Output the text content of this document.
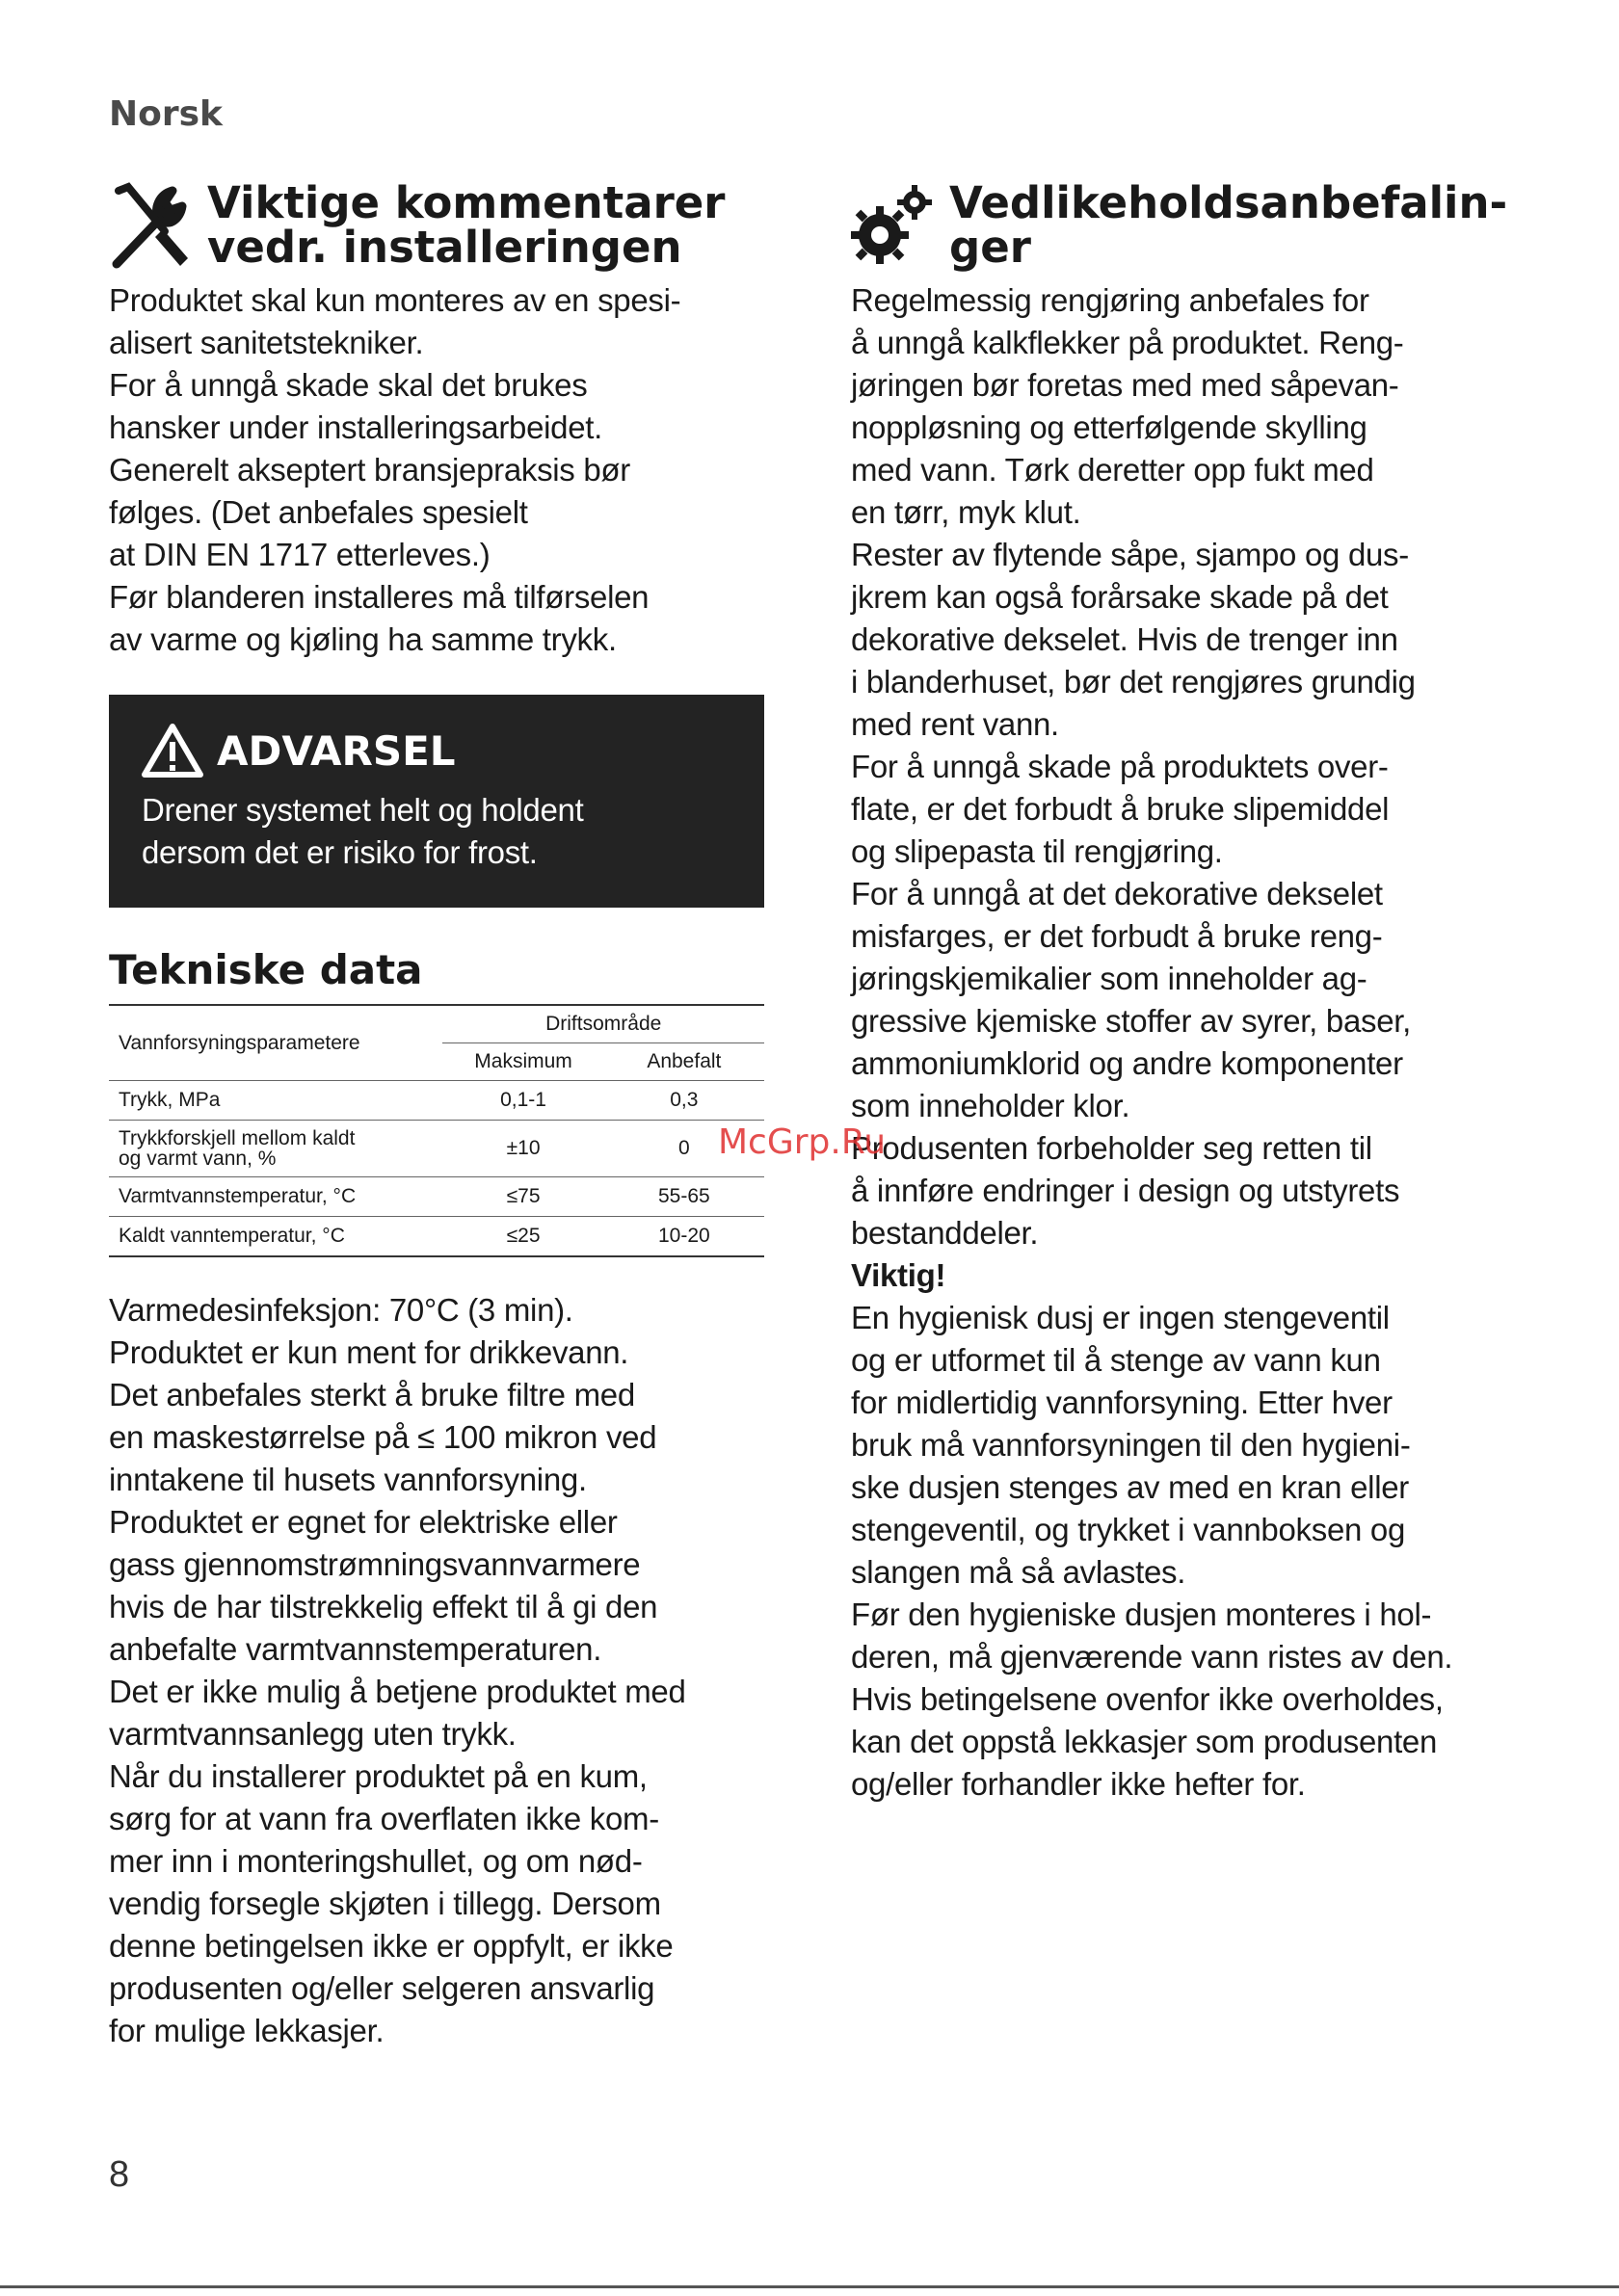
Norsk
Viktige kommentarer
vedr. installeringen
Produktet skal kun monteres av en spesi-
alisert sanitetstekniker.
For å unngå skade skal det brukes
hansker under installeringsarbeidet.
Generelt akseptert bransjepraksis bør
følges. (Det anbefales spesielt
at DIN EN 1717 etterleves.)
Før blanderen installeres må tilførselen
av varme og kjøling ha samme trykk.
ADVARSEL
Drener systemet helt og holdent
dersom det er risiko for frost.
Tekniske data
Vannforsyningsparametere	Driftsområde	
	Maksimum	Anbefalt
Trykk, MPa	0,1-1	0,3

Trykkforskjell mellom kaldt
og varmt vann, %	±10	0
Varmtvannstemperatur, °C	≤75	55-65
Kaldt vanntemperatur, °C	≤25	10-20
Varmedesinfeksjon: 70°C (3 min).
Produktet er kun ment for drikkevann.
Det anbefales sterkt å bruke filtre med
en maskestørrelse på ≤ 100 mikron ved
inntakene til husets vannforsyning.
Produktet er egnet for elektriske eller
gass gjennomstrømningsvannvarmere
hvis de har tilstrekkelig effekt til å gi den
anbefalte varmtvannstemperaturen.
Det er ikke mulig å betjene produktet med
varmtvannsanlegg uten trykk.
Når du installerer produktet på en kum,
sørg for at vann fra overflaten ikke kom-
mer inn i monteringshullet, og om nød-
vendig forsegle skjøten i tillegg. Dersom
denne betingelsen ikke er oppfylt, er ikke
produsenten og/eller selgeren ansvarlig
for mulige lekkasjer.
Vedlikeholdsanbefalin-
ger
Regelmessig rengjøring anbefales for
å unngå kalkflekker på produktet. Reng-
jøringen bør foretas med med såpevan-
noppløsning og etterfølgende skylling
med vann. Tørk deretter opp fukt med
en tørr, myk klut.
Rester av flytende såpe, sjampo og dus-
jkrem kan også forårsake skade på det
dekorative dekselet. Hvis de trenger inn
i blanderhuset, bør det rengjøres grundig
med rent vann.
For å unngå skade på produktets over-
flate, er det forbudt å bruke slipemiddel
og slipepasta til rengjøring.
For å unngå at det dekorative dekselet
misfarges, er det forbudt å bruke reng-
jøringskjemikalier som inneholder ag-
gressive kjemiske stoffer av syrer, baser,
ammoniumklorid og andre komponenter
som inneholder klor.
Produsenten forbeholder seg retten til
å innføre endringer i design og utstyrets
bestanddeler.
Viktig!
En hygienisk dusj er ingen stengeventil
og er utformet til å stenge av vann kun
for midlertidig vannforsyning. Etter hver
bruk må vannforsyningen til den hygieni-
ske dusjen stenges av med en kran eller
stengeventil, og trykket i vannboksen og
slangen må så avlastes.
Før den hygieniske dusjen monteres i hol-
deren, må gjenværende vann ristes av den.
Hvis betingelsene ovenfor ikke overholdes,
kan det oppstå lekkasjer som produsenten
og/eller forhandler ikke hefter for.
McGrp.Ru
8
